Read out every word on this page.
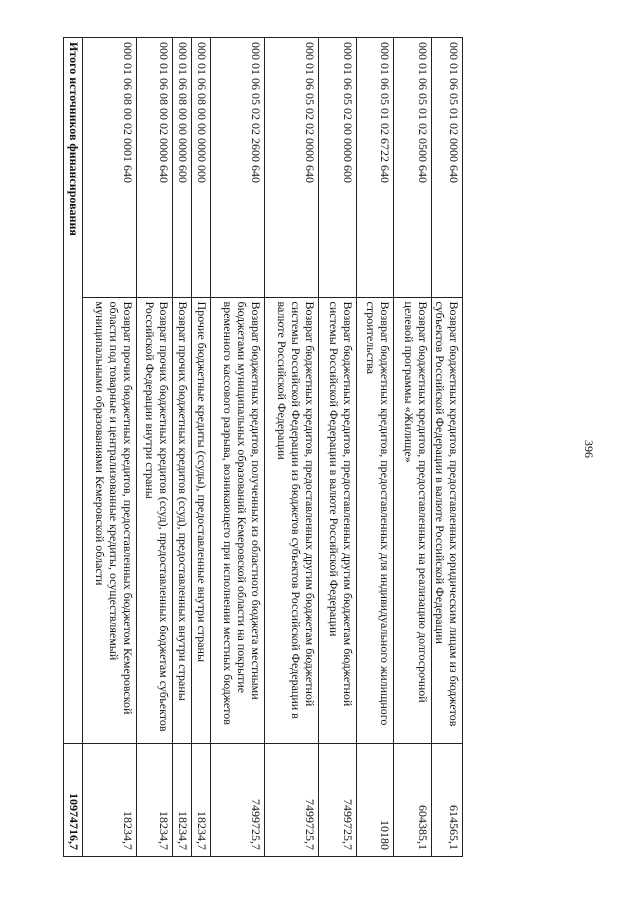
396
000 01 06 05 01 02 0000 640	Возврат бюджетных кредитов, предоставленных юридическим лицам из бюджетов субъектов Российской Федерации в валюте Российской Федерации	614565,1
000 01 06 05 01 02 0500 640	Возврат бюджетных кредитов, предоставленных на реализацию долгосрочной целевой программы «Жилище»	604385,1
000 01 06 05 01 02 6722 640	Возврат бюджетных кредитов, предоставленных для индивидуального жилищного строительства	10180
000 01 06 05 02 00 0000 600	Возврат бюджетных кредитов, предоставленных другим бюджетам бюджетной системы Российской Федерации в валюте Российской Федерации	7499725,7
000 01 06 05 02 02 0000 640	Возврат бюджетных кредитов, предоставленных другим бюджетам бюджетной системы Российской Федерации из бюджетов субъектов Российской Федерации в валюте Российской Федерации	7499725,7
000 01 06 05 02 02 2600 640	Возврат бюджетных кредитов, полученных из областного бюджета местными бюджетами муниципальных образований Кемеровской области на покрытие временного кассового разрыва, возникающего при исполнении местных бюджетов	7499725,7
000 01 06 08 00 00 0000 000	Прочие бюджетные кредиты (ссуды), предоставленные внутри страны	18234,7
000 01 06 08 00 00 0000 600	Возврат прочих бюджетных кредитов (ссуд), предоставленных внутри страны	18234,7
000 01 06 08 00 02 0000 640	Возврат прочих бюджетных кредитов (ссуд), предоставленных бюджетам субъектов Российской Федерации внутри страны	18234,7
000 01 06 08 00 02 0001 640	Возврат прочих бюджетных кредитов, предоставленных бюджетом Кемеровской области под товарные и централизованные кредиты, осуществляемый муниципальными образованиями Кемеровской области	18234,7
Итого источников финансирования		10974716,7
